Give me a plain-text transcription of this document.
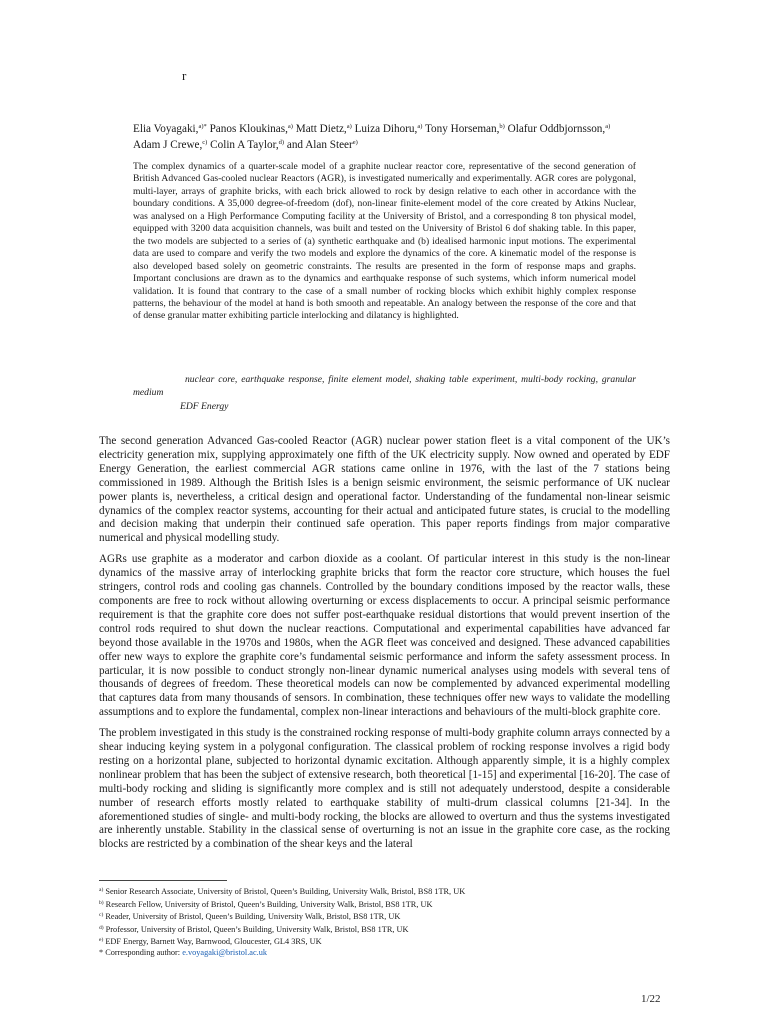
r
Elia Voyagaki,$^{a)*}$ Panos Kloukinas,$^{a)}$ Matt Dietz,$^{a)}$ Luiza Dihoru,$^{a)}$ Tony Horseman,$^{b)}$ Olafur Oddbjornsson,$^{a)}$
Adam J Crewe,$^{c)}$ Colin A Taylor,$^{d)}$ and Alan Steer$^{e)}$
The complex dynamics of a quarter-scale model of a graphite nuclear reactor core, representative of the second generation of British Advanced Gas-cooled nuclear Reactors (AGR), is investigated numerically and experimentally. AGR cores are polygonal, multi-layer, arrays of graphite bricks, with each brick allowed to rock by design relative to each other in accordance with the boundary conditions. A 35,000 degree-of-freedom (dof), non-linear finite-element model of the core created by Atkins Nuclear, was analysed on a High Performance Computing facility at the University of Bristol, and a corresponding 8 ton physical model, equipped with 3200 data acquisition channels, was built and tested on the University of Bristol 6 dof shaking table. In this paper, the two models are subjected to a series of (a) synthetic earthquake and (b) idealised harmonic input motions. The experimental data are used to compare and verify the two models and explore the dynamics of the core. A kinematic model of the response is also developed based solely on geometric constraints. The results are presented in the form of response maps and graphs. Important conclusions are drawn as to the dynamics and earthquake response of such systems, which inform numerical model validation. It is found that contrary to the case of a small number of rocking blocks which exhibit highly complex response patterns, the behaviour of the model at hand is both smooth and repeatable. An analogy between the response of the core and that of dense granular matter exhibiting particle interlocking and dilatancy is highlighted.
nuclear core, earthquake response, finite element model, shaking table experiment, multi-body rocking, granular medium
EDF Energy

The second generation Advanced Gas-cooled Reactor (AGR) nuclear power station fleet is a vital component of the UK’s electricity generation mix, supplying approximately one fifth of the UK electricity supply. Now owned and operated by EDF Energy Generation, the earliest commercial AGR stations came online in 1976, with the last of the 7 stations being commissioned in 1989. Although the British Isles is a benign seismic environment, the seismic performance of UK nuclear power plants is, nevertheless, a critical design and operational factor. Understanding of the fundamental non-linear seismic dynamics of the complex reactor systems, accounting for their actual and anticipated future states, is crucial to the modelling and decision making that underpin their continued safe operation. This paper reports findings from major comparative numerical and physical modelling study.

AGRs use graphite as a moderator and carbon dioxide as a coolant. Of particular interest in this study is the non-linear dynamics of the massive array of interlocking graphite bricks that form the reactor core structure, which houses the fuel stringers, control rods and cooling gas channels. Controlled by the boundary conditions imposed by the reactor walls, these components are free to rock without allowing overturning or excess displacements to occur. A principal seismic performance requirement is that the graphite core does not suffer post-earthquake residual distortions that would prevent insertion of the control rods required to shut down the nuclear reactions. Computational and experimental capabilities have advanced far beyond those available in the 1970s and 1980s, when the AGR fleet was conceived and designed. These advanced capabilities offer new ways to explore the graphite core’s fundamental seismic performance and inform the safety assessment process. In particular, it is now possible to conduct strongly non-linear dynamic numerical analyses using models with several tens of thousands of degrees of freedom. These theoretical models can now be complemented by advanced experimental modelling that captures data from many thousands of sensors. In combination, these techniques offer new ways to validate the modelling assumptions and to explore the fundamental, complex non-linear interactions and behaviours of the multi-block graphite core.

The problem investigated in this study is the constrained rocking response of multi-body graphite column arrays connected by a shear inducing keying system in a polygonal configuration. The classical problem of rocking response involves a rigid body resting on a horizontal plane, subjected to horizontal dynamic excitation. Although apparently simple, it is a highly complex nonlinear problem that has been the subject of extensive research, both theoretical [1-15] and experimental [16-20]. The case of multi-body rocking and sliding is significantly more complex and is still not adequately understood, despite a considerable number of research efforts mostly related to earthquake stability of multi-drum classical columns [21-34]. In the aforementioned studies of single- and multi-body rocking, the blocks are allowed to overturn and thus the systems investigated are inherently unstable. Stability in the classical sense of overturning is not an issue in the graphite core case, as the rocking blocks are restricted by a combination of the shear keys and the lateral

$^{a)}$ Senior Research Associate, University of Bristol, Queen’s Building, University Walk, Bristol, BS8 1TR, UK
$^{b)}$ Research Fellow, University of Bristol, Queen’s Building, University Walk, Bristol, BS8 1TR, UK
$^{c)}$ Reader, University of Bristol, Queen’s Building, University Walk, Bristol, BS8 1TR, UK
$^{d)}$ Professor, University of Bristol, Queen’s Building, University Walk, Bristol, BS8 1TR, UK
$^{e)}$ EDF Energy, Barnett Way, Barnwood, Gloucester, GL4 3RS, UK
* Corresponding author: e.voyagaki@bristol.ac.uk
1/22
